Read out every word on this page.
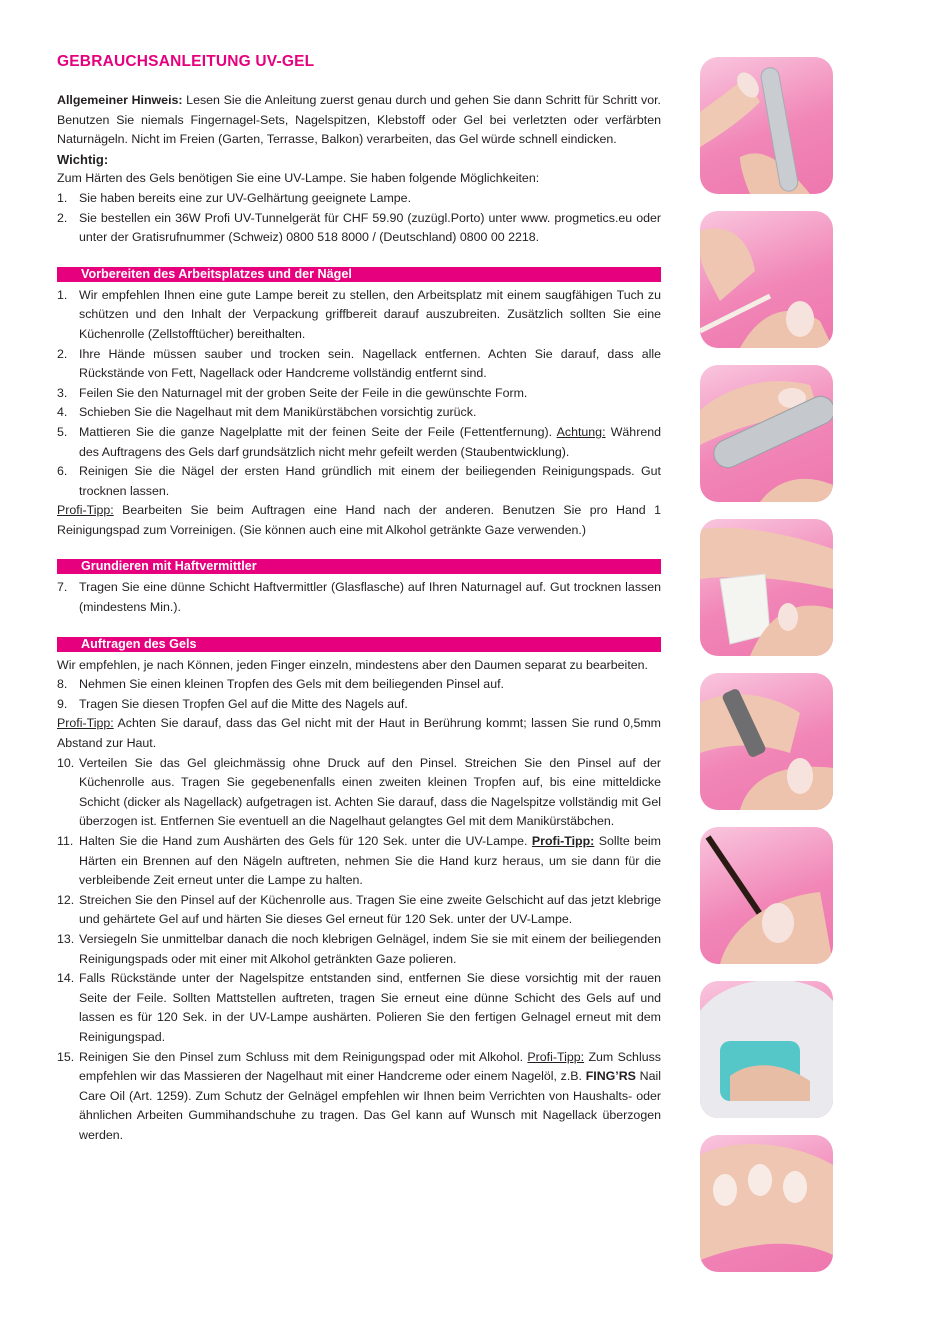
GEBRAUCHSANLEITUNG UV-GEL

Allgemeiner Hinweis: Lesen Sie die Anleitung zuerst genau durch und gehen Sie dann Schritt für Schritt vor. Benutzen Sie niemals Fingernagel-Sets, Nagelspitzen, Klebstoff oder Gel bei verletzten oder verfärbten Naturnägeln. Nicht im Freien (Garten, Terrasse, Balkon) verarbeiten, das Gel würde schnell eindicken.

Wichtig:

Zum Härten des Gels benötigen Sie eine UV-Lampe. Sie haben folgende Möglichkeiten:

1. Sie haben bereits eine zur UV-Gelhärtung geeignete Lampe.
2. Sie bestellen ein 36W Profi UV-Tunnelgerät für CHF 59.90 (zuzügl.Porto) unter www. progmetics.eu oder unter der Gratisrufnummer (Schweiz) 0800 518 8000 / (Deutschland) 0800 00 2218.
Vorbereiten des Arbeitsplatzes und der Nägel
1. Wir empfehlen Ihnen eine gute Lampe bereit zu stellen, den Arbeitsplatz mit einem saugfähigen Tuch zu schützen und den Inhalt der Verpackung griffbereit darauf auszubreiten. Zusätzlich sollten Sie eine Küchenrolle (Zellstofftücher) bereithalten.
2. Ihre Hände müssen sauber und trocken sein. Nagellack entfernen. Achten Sie darauf, dass alle Rückstände von Fett, Nagellack oder Handcreme vollständig entfernt sind.
3. Feilen Sie den Naturnagel mit der groben Seite der Feile in die gewünschte Form.
4. Schieben Sie die Nagelhaut mit dem Manikürstäbchen vorsichtig zurück.
5. Mattieren Sie die ganze Nagelplatte mit der feinen Seite der Feile (Fettentfernung). Achtung: Während des Auftragens des Gels darf grundsätzlich nicht mehr gefeilt werden (Staubentwicklung).
6. Reinigen Sie die Nägel der ersten Hand gründlich mit einem der beiliegenden Reinigungspads. Gut trocknen lassen.

Profi-Tipp: Bearbeiten Sie beim Auftragen eine Hand nach der anderen. Benutzen Sie pro Hand 1 Reinigungspad zum Vorreinigen. (Sie können auch eine mit Alkohol getränkte Gaze verwenden.)

Grundieren mit Haftvermittler
7. Tragen Sie eine dünne Schicht Haftvermittler (Glasflasche) auf Ihren Naturnagel auf. Gut trocknen lassen (mindestens Min.).
Auftragen des Gels

Wir empfehlen, je nach Können, jeden Finger einzeln, mindestens aber den Daumen separat zu bearbeiten.

8. Nehmen Sie einen kleinen Tropfen des Gels mit dem beiliegenden Pinsel auf.
9. Tragen Sie diesen Tropfen Gel auf die Mitte des Nagels auf.

Profi-Tipp: Achten Sie darauf, dass das Gel nicht mit der Haut in Berührung kommt; lassen Sie rund 0,5mm Abstand zur Haut.

10. Verteilen Sie das Gel gleichmässig ohne Druck auf den Pinsel. Streichen Sie den Pinsel auf der Küchenrolle aus. Tragen Sie gegebenenfalls einen zweiten kleinen Tropfen auf, bis eine mitteldicke Schicht (dicker als Nagellack) aufgetragen ist. Achten Sie darauf, dass die Nagelspitze vollständig mit Gel überzogen ist. Entfernen Sie eventuell an die Nagelhaut gelangtes Gel mit dem Manikürstäbchen.
11. Halten Sie die Hand zum Aushärten des Gels für 120 Sek. unter die UV-Lampe. Profi-Tipp: Sollte beim Härten ein Brennen auf den Nägeln auftreten, nehmen Sie die Hand kurz heraus, um sie dann für die verbleibende Zeit erneut unter die Lampe zu halten.
12. Streichen Sie den Pinsel auf der Küchenrolle aus. Tragen Sie eine zweite Gelschicht auf das jetzt klebrige und gehärtete Gel auf und härten Sie dieses Gel erneut für 120 Sek. unter der UV-Lampe.
13. Versiegeln Sie unmittelbar danach die noch klebrigen Gelnägel, indem Sie sie mit einem der beiliegenden Reinigungspads oder mit einer mit Alkohol getränkten Gaze polieren.
14. Falls Rückstände unter der Nagelspitze entstanden sind, entfernen Sie diese vorsichtig mit der rauen Seite der Feile. Sollten Mattstellen auftreten, tragen Sie erneut eine dünne Schicht des Gels auf und lassen es für 120 Sek. in der UV-Lampe aushärten. Polieren Sie den fertigen Gelnagel erneut mit dem Reinigungspad.
15. Reinigen Sie den Pinsel zum Schluss mit dem Reinigungspad oder mit Alkohol. Profi-Tipp: Zum Schluss empfehlen wir das Massieren der Nagelhaut mit einer Handcreme oder einem Nagelöl, z.B. FING’RS Nail Care Oil (Art. 1259). Zum Schutz der Gelnägel empfehlen wir Ihnen beim Verrichten von Haushalts- oder ähnlichen Arbeiten Gummihandschuhe zu tragen. Das Gel kann auf Wunsch mit Nagellack überzogen werden.
